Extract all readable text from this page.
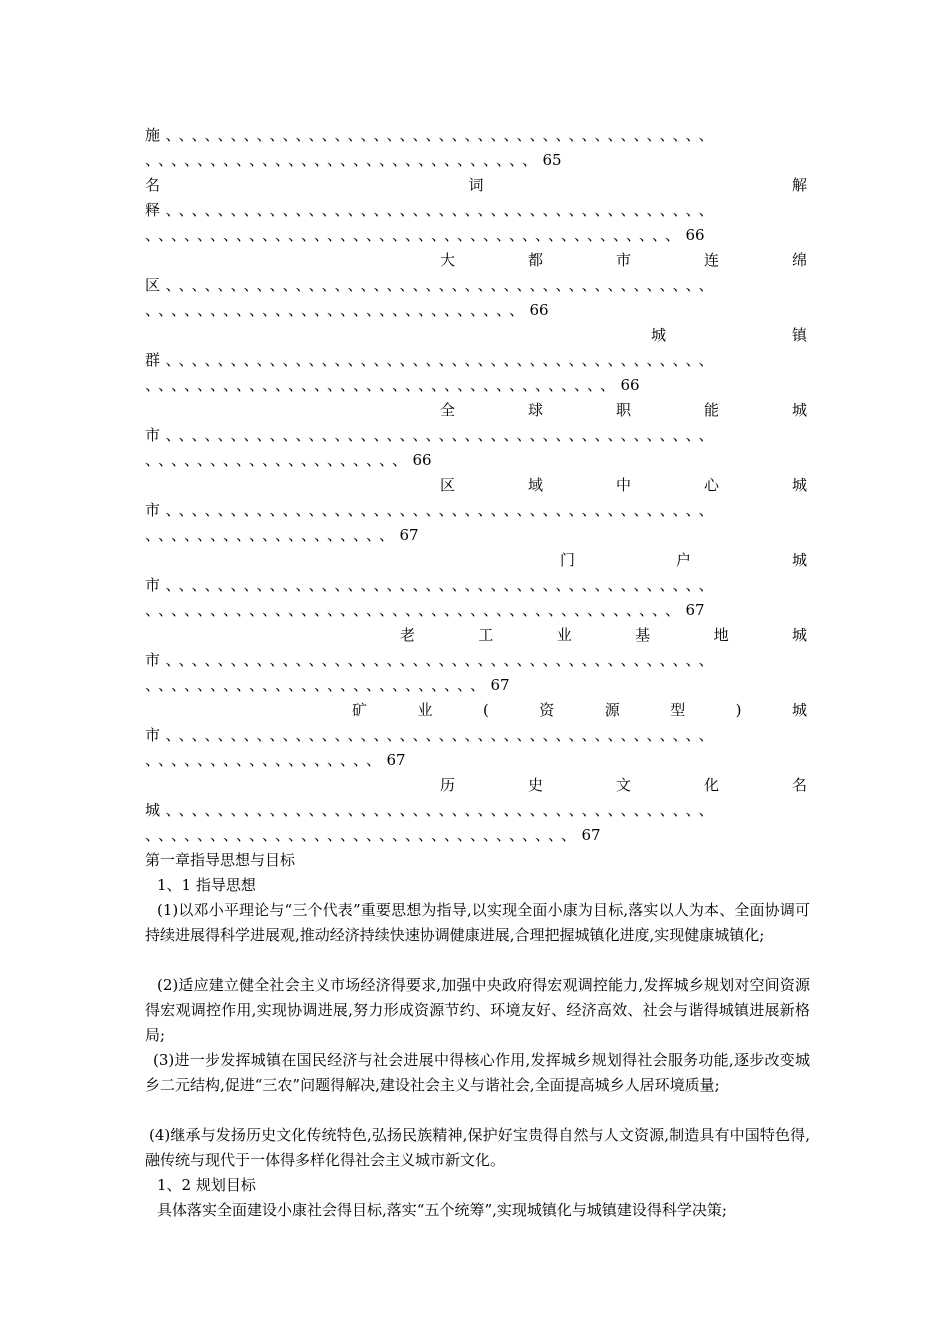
施、、、、、、、、、、、、、、、、、、、、、、、、、、、、、、、、、、、、、、、、、、
、、、、、、、、、、、、、、、、、、、、、、、、、、、、、、65
名	词	解
释、、、、、、、、、、、、、、、、、、、、、、、、、、、、、、、、、、、、、、、、、、
、、、、、、、、、、、、、、、、、、、、、、、、、、、、、、、、、、、、、、、、、66
大	都	市	连	绵
区、、、、、、、、、、、、、、、、、、、、、、、、、、、、、、、、、、、、、、、、、、
、、、、、、、、、、、、、、、、、、、、、、、、、、、、、66
城	镇
群、、、、、、、、、、、、、、、、、、、、、、、、、、、、、、、、、、、、、、、、、、
、、、、、、、、、、、、、、、、、、、、、、、、、、、、、、、、、、、、66
全	球	职	能	城
市、、、、、、、、、、、、、、、、、、、、、、、、、、、、、、、、、、、、、、、、、、
、、、、、、、、、、、、、、、、、、、、66
区	域	中	心	城
市、、、、、、、、、、、、、、、、、、、、、、、、、、、、、、、、、、、、、、、、、、
、、、、、、、、、、、、、、、、、、、67
门	户	城
市、、、、、、、、、、、、、、、、、、、、、、、、、、、、、、、、、、、、、、、、、、
、、、、、、、、、、、、、、、、、、、、、、、、、、、、、、、、、、、、、、、、、67
老	工	业	基	地	城
市、、、、、、、、、、、、、、、、、、、、、、、、、、、、、、、、、、、、、、、、、、
、、、、、、、、、、、、、、、、、、、、、、、、、、67
矿	业	(	资	源	型	)	城
市、、、、、、、、、、、、、、、、、、、、、、、、、、、、、、、、、、、、、、、、、、
、、、、、、、、、、、、、、、、、、67
历	史	文	化	名
城、、、、、、、、、、、、、、、、、、、、、、、、、、、、、、、、、、、、、、、、、、
、、、、、、、、、、、、、、、、、、、、、、、、、、、、、、、、、67
第一章指导思想与目标
1、1 指导思想
(1)以邓小平理论与“三个代表”重要思想为指导,以实现全面小康为目标,落实以人为本、全面协调可持续进展得科学进展观,推动经济持续快速协调健康进展,合理把握城镇化进度,实现健康城镇化;
(2)适应建立健全社会主义市场经济得要求,加强中央政府得宏观调控能力,发挥城乡规划对空间资源得宏观调控作用,实现协调进展,努力形成资源节约、环境友好、经济高效、社会与谐得城镇进展新格局;
(3)进一步发挥城镇在国民经济与社会进展中得核心作用,发挥城乡规划得社会服务功能,逐步改变城乡二元结构,促进“三农”问题得解决,建设社会主义与谐社会,全面提高城乡人居环境质量;
(4)继承与发扬历史文化传统特色,弘扬民族精神,保护好宝贵得自然与人文资源,制造具有中国特色得,融传统与现代于一体得多样化得社会主义城市新文化。
1、2 规划目标
具体落实全面建设小康社会得目标,落实“五个统筹”,实现城镇化与城镇建设得科学决策;
